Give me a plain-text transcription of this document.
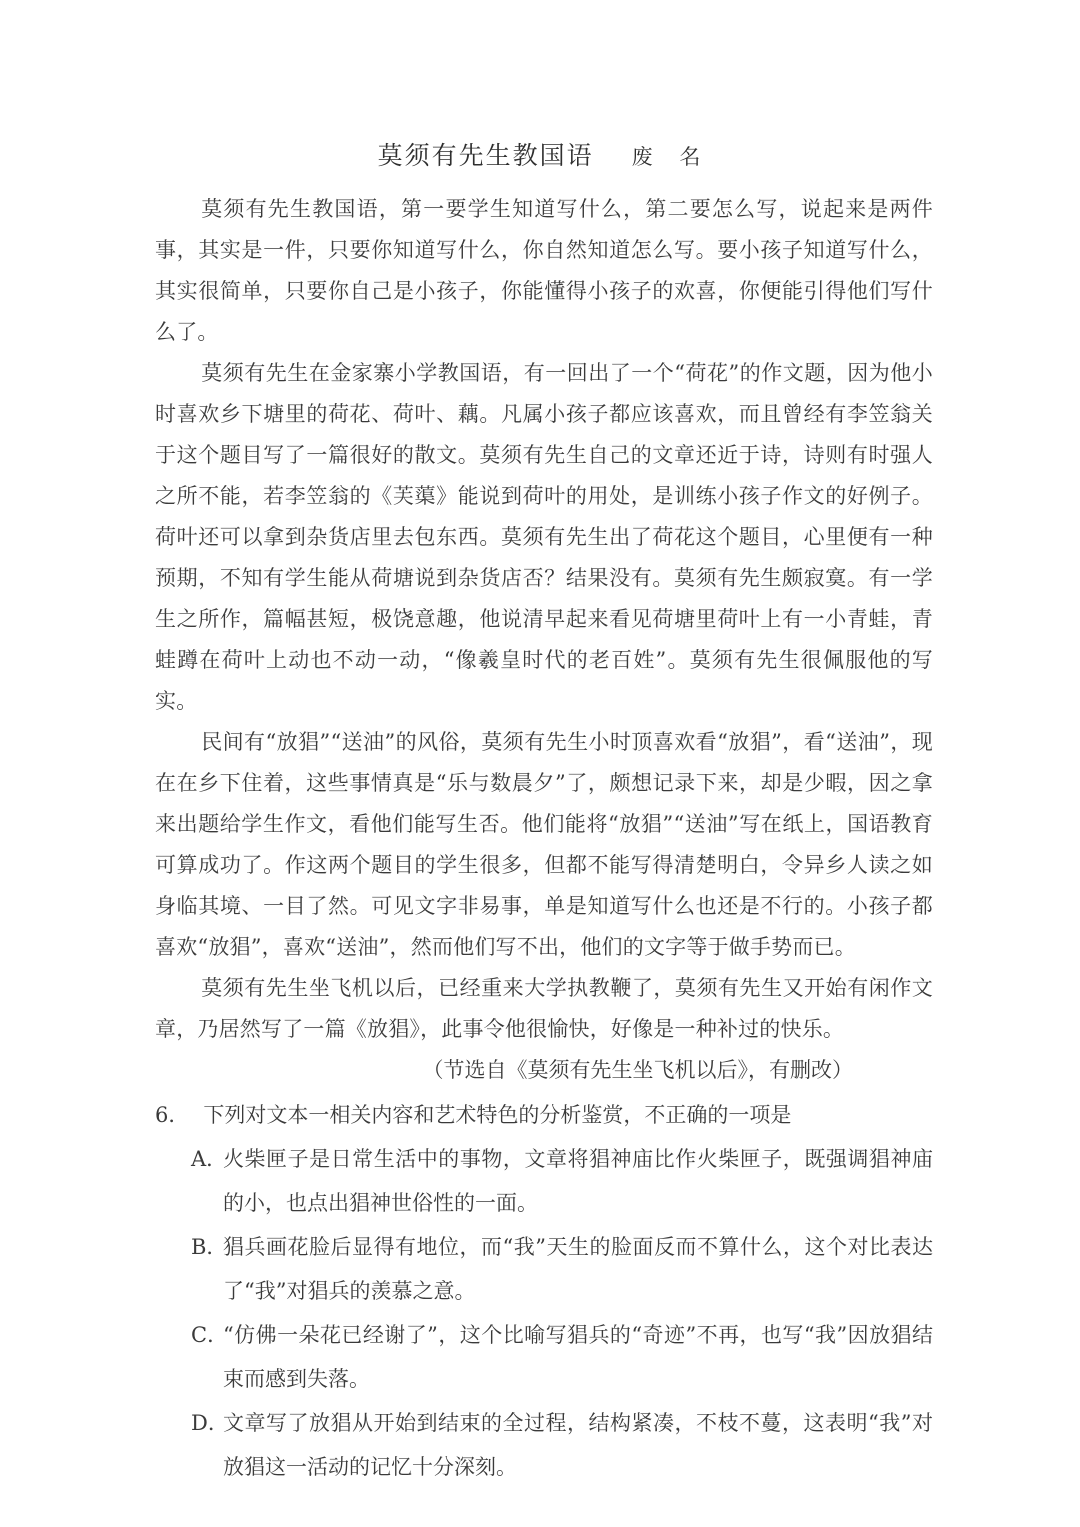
莫须有先生教国语 废 名

莫须有先生教国语，第一要学生知道写什么，第二要怎么写，说起来是两件事，其实是一件，只要你知道写什么，你自然知道怎么写。要小孩子知道写什么，其实很简单，只要你自己是小孩子，你能懂得小孩子的欢喜，你便能引得他们写什么了。

莫须有先生在金家寨小学教国语，有一回出了一个“荷花”的作文题，因为他小时喜欢乡下塘里的荷花、荷叶、藕。凡属小孩子都应该喜欢，而且曾经有李笠翁关于这个题目写了一篇很好的散文。莫须有先生自己的文章还近于诗，诗则有时强人之所不能，若李笠翁的《芙蕖》能说到荷叶的用处，是训练小孩子作文的好例子。荷叶还可以拿到杂货店里去包东西。莫须有先生出了荷花这个题目，心里便有一种预期，不知有学生能从荷塘说到杂货店否？结果没有。莫须有先生颇寂寞。有一学生之所作，篇幅甚短，极饶意趣，他说清早起来看见荷塘里荷叶上有一小青蛙，青蛙蹲在荷叶上动也不动一动，“像羲皇时代的老百姓”。莫须有先生很佩服他的写实。

民间有“放猖”“送油”的风俗，莫须有先生小时顶喜欢看“放猖”，看“送油”，现在在乡下住着，这些事情真是“乐与数晨夕”了，颇想记录下来，却是少暇，因之拿来出题给学生作文，看他们能写生否。他们能将“放猖”“送油”写在纸上，国语教育可算成功了。作这两个题目的学生很多，但都不能写得清楚明白，令异乡人读之如身临其境、一目了然。可见文字非易事，单是知道写什么也还是不行的。小孩子都喜欢“放猖”，喜欢“送油”，然而他们写不出，他们的文字等于做手势而已。

莫须有先生坐飞机以后，已经重来大学执教鞭了，莫须有先生又开始有闲作文章，乃居然写了一篇《放猖》，此事令他很愉快，好像是一种补过的快乐。

（节选自《莫须有先生坐飞机以后》，有删改）
6． 下列对文本一相关内容和艺术特色的分析鉴赏，不正确的一项是
A．
火柴匣子是日常生活中的事物，文章将猖神庙比作火柴匣子，既强调猖神庙的小，也点出猖神世俗性的一面。
B．
猖兵画花脸后显得有地位，而“我”天生的脸面反而不算什么，这个对比表达了“我”对猖兵的羡慕之意。
C．
“仿佛一朵花已经谢了”，这个比喻写猖兵的“奇迹”不再，也写“我”因放猖结束而感到失落。
D．
文章写了放猖从开始到结束的全过程，结构紧凑，不枝不蔓，这表明“我”对放猖这一活动的记忆十分深刻。
